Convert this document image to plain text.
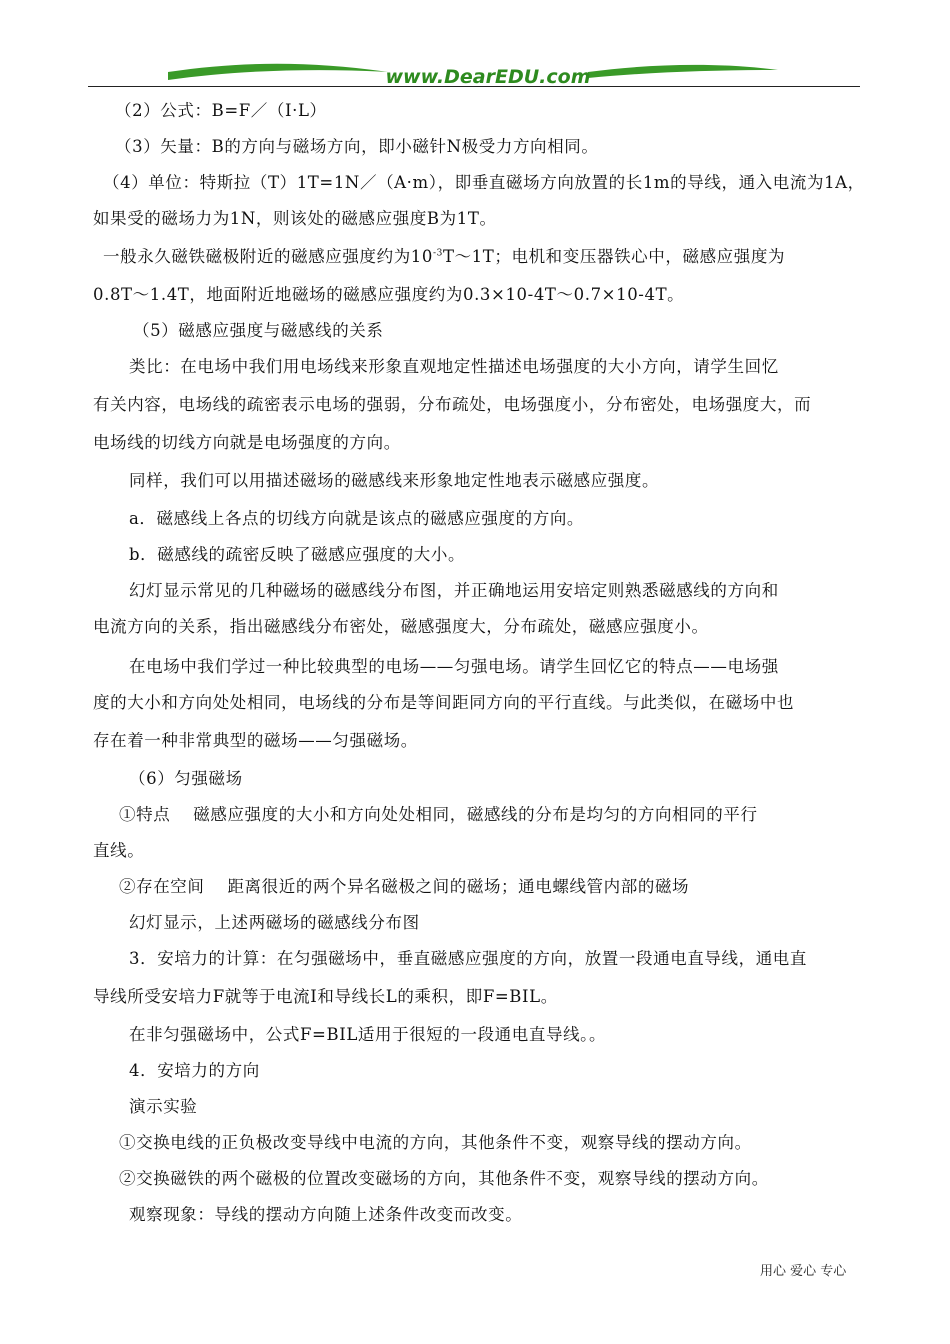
www.DearEDU.com
（2）公式：B=F／（I·L）
（3）矢量：B的方向与磁场方向，即小磁针N极受力方向相同。
（4）单位：特斯拉（T）1T=1N／（A·m），即垂直磁场方向放置的长1m的导线，通入电流为1A，
如果受的磁场力为1N，则该处的磁感应强度B为1T。
一般永久磁铁磁极附近的磁感应强度约为$10^{-3}T\sim 1T$；电机和变压器铁心中，磁感应强度为
0.8T～1.4T，地面附近地磁场的磁感应强度约为0.3×10-4T～0.7×10-4T。
（5）磁感应强度与磁感线的关系
类比：在电场中我们用电场线来形象直观地定性描述电场强度的大小方向，请学生回忆
有关内容，电场线的疏密表示电场的强弱，分布疏处，电场强度小，分布密处，电场强度大，而
电场线的切线方向就是电场强度的方向。
同样，我们可以用描述磁场的磁感线来形象地定性地表示磁感应强度。
a．磁感线上各点的切线方向就是该点的磁感应强度的方向。
b．磁感线的疏密反映了磁感应强度的大小。
幻灯显示常见的几种磁场的磁感线分布图，并正确地运用安培定则熟悉磁感线的方向和
电流方向的关系，指出磁感线分布密处，磁感强度大，分布疏处，磁感应强度小。
在电场中我们学过一种比较典型的电场——匀强电场。请学生回忆它的特点——电场强
度的大小和方向处处相同，电场线的分布是等间距同方向的平行直线。与此类似，在磁场中也
存在着一种非常典型的磁场——匀强磁场。
（6）匀强磁场
①特点　 磁感应强度的大小和方向处处相同，磁感线的分布是均匀的方向相同的平行
直线。
②存在空间　 距离很近的两个异名磁极之间的磁场；通电螺线管内部的磁场
幻灯显示，上述两磁场的磁感线分布图
3．安培力的计算：在匀强磁场中，垂直磁感应强度的方向，放置一段通电直导线，通电直
导线所受安培力F就等于电流I和导线长L的乘积，即F=BIL。
在非匀强磁场中，公式F=BIL适用于很短的一段通电直导线。。
4．安培力的方向
演示实验
①交换电线的正负极改变导线中电流的方向，其他条件不变，观察导线的摆动方向。
②交换磁铁的两个磁极的位置改变磁场的方向，其他条件不变，观察导线的摆动方向。
观察现象：导线的摆动方向随上述条件改变而改变。
用心 爱心 专心
